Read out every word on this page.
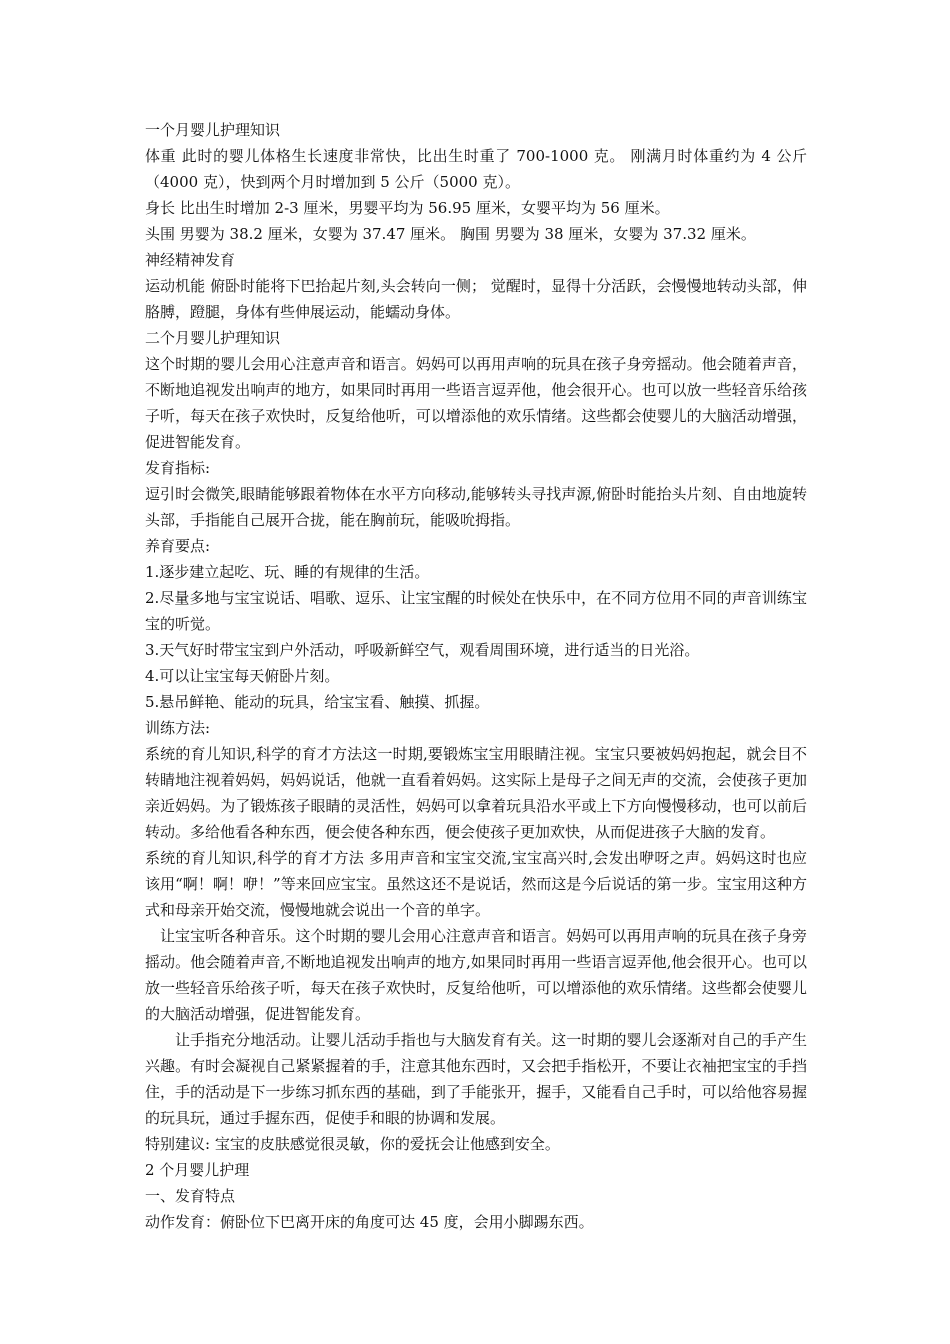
一个月婴儿护理知识

体重 此时的婴儿体格生长速度非常快，比出生时重了 700-1000 克。 刚满月时体重约为 4 公斤（4000 克），快到两个月时增加到 5 公斤（5000 克）。

身长 比出生时增加 2-3 厘米，男婴平均为 56.95 厘米，女婴平均为 56 厘米。

头围 男婴为 38.2 厘米，女婴为 37.47 厘米。 胸围 男婴为 38 厘米，女婴为 37.32 厘米。

神经精神发育

运动机能 俯卧时能将下巴抬起片刻,头会转向一侧； 觉醒时，显得十分活跃，会慢慢地转动头部，伸胳膊，蹬腿，身体有些伸展运动，能蠕动身体。

二个月婴儿护理知识

这个时期的婴儿会用心注意声音和语言。妈妈可以再用声响的玩具在孩子身旁摇动。他会随着声音，不断地追视发出响声的地方，如果同时再用一些语言逗弄他，他会很开心。也可以放一些轻音乐给孩子听，每天在孩子欢快时，反复给他听，可以增添他的欢乐情绪。这些都会使婴儿的大脑活动增强，促进智能发育。

发育指标:

逗引时会微笑,眼睛能够跟着物体在水平方向移动,能够转头寻找声源,俯卧时能抬头片刻、自由地旋转头部，手指能自己展开合拢，能在胸前玩，能吸吮拇指。

养育要点:

1.逐步建立起吃、玩、睡的有规律的生活。

2.尽量多地与宝宝说话、唱歌、逗乐、让宝宝醒的时候处在快乐中，在不同方位用不同的声音训练宝宝的听觉。

3.天气好时带宝宝到户外活动，呼吸新鲜空气，观看周围环境，进行适当的日光浴。

4.可以让宝宝每天俯卧片刻。

5.悬吊鲜艳、能动的玩具，给宝宝看、触摸、抓握。

训练方法:

系统的育儿知识,科学的育才方法这一时期,要锻炼宝宝用眼睛注视。宝宝只要被妈妈抱起，就会目不转睛地注视着妈妈，妈妈说话，他就一直看着妈妈。这实际上是母子之间无声的交流，会使孩子更加亲近妈妈。为了锻炼孩子眼睛的灵活性，妈妈可以拿着玩具沿水平或上下方向慢慢移动，也可以前后转动。多给他看各种东西，便会使各种东西，便会使孩子更加欢快，从而促进孩子大脑的发育。

系统的育儿知识,科学的育才方法 多用声音和宝宝交流,宝宝高兴时,会发出咿呀之声。妈妈这时也应该用“啊！啊！咿！”等来回应宝宝。虽然这还不是说话，然而这是今后说话的第一步。宝宝用这种方式和母亲开始交流，慢慢地就会说出一个音的单字。

让宝宝听各种音乐。这个时期的婴儿会用心注意声音和语言。妈妈可以再用声响的玩具在孩子身旁摇动。他会随着声音,不断地追视发出响声的地方,如果同时再用一些语言逗弄他,他会很开心。也可以放一些轻音乐给孩子听，每天在孩子欢快时，反复给他听，可以增添他的欢乐情绪。这些都会使婴儿的大脑活动增强，促进智能发育。

让手指充分地活动。让婴儿活动手指也与大脑发育有关。这一时期的婴儿会逐渐对自己的手产生兴趣。有时会凝视自己紧紧握着的手，注意其他东西时，又会把手指松开，不要让衣袖把宝宝的手挡住，手的活动是下一步练习抓东西的基础，到了手能张开，握手，又能看自己手时，可以给他容易握的玩具玩，通过手握东西，促使手和眼的协调和发展。

特别建议: 宝宝的皮肤感觉很灵敏，你的爱抚会让他感到安全。

2 个月婴儿护理

一、发育特点

动作发育：俯卧位下巴离开床的角度可达 45 度，会用小脚踢东西。
